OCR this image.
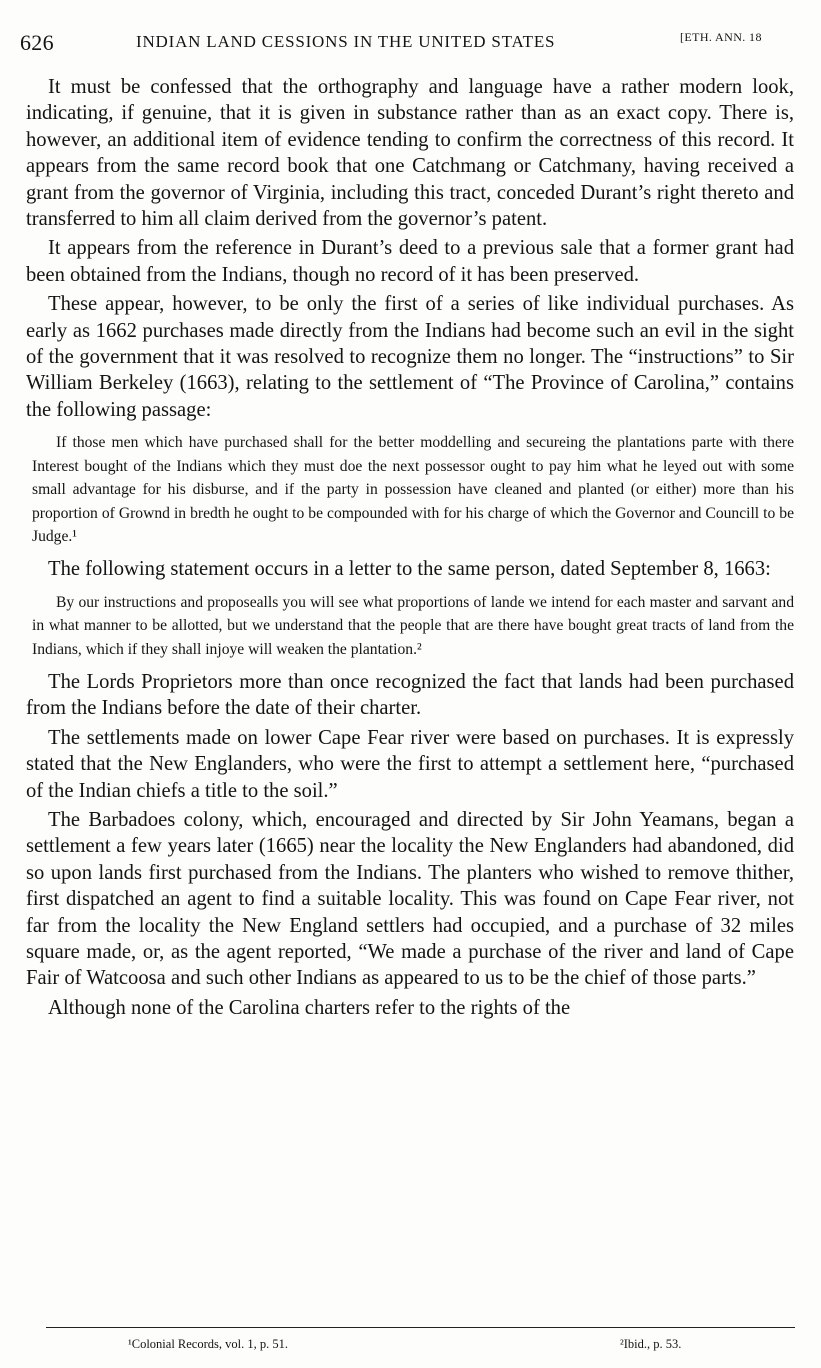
626	INDIAN LAND CESSIONS IN THE UNITED STATES	[ETH. ANN. 18

It must be confessed that the orthography and language have a rather modern look, indicating, if genuine, that it is given in substance rather than as an exact copy. There is, however, an additional item of evidence tending to confirm the correctness of this record. It appears from the same record book that one Catchmang or Catchmany, having received a grant from the governor of Virginia, including this tract, conceded Durant’s right thereto and transferred to him all claim derived from the governor’s patent.

It appears from the reference in Durant’s deed to a previous sale that a former grant had been obtained from the Indians, though no record of it has been preserved.

These appear, however, to be only the first of a series of like individual purchases. As early as 1662 purchases made directly from the Indians had become such an evil in the sight of the government that it was resolved to recognize them no longer. The “instructions” to Sir William Berkeley (1663), relating to the settlement of “The Province of Carolina,” contains the following passage:

If those men which have purchased shall for the better moddelling and secureing the plantations parte with there Interest bought of the Indians which they must doe the next possessor ought to pay him what he leyed out with some small advantage for his disburse, and if the party in possession have cleaned and planted (or either) more than his proportion of Grownd in bredth he ought to be compounded with for his charge of which the Governor and Councill to be Judge.¹

The following statement occurs in a letter to the same person, dated September 8, 1663:

By our instructions and proposealls you will see what proportions of lande we intend for each master and sarvant and in what manner to be allotted, but we understand that the people that are there have bought great tracts of land from the Indians, which if they shall injoye will weaken the plantation.²

The Lords Proprietors more than once recognized the fact that lands had been purchased from the Indians before the date of their charter.

The settlements made on lower Cape Fear river were based on purchases. It is expressly stated that the New Englanders, who were the first to attempt a settlement here, “purchased of the Indian chiefs a title to the soil.”

The Barbadoes colony, which, encouraged and directed by Sir John Yeamans, began a settlement a few years later (1665) near the locality the New Englanders had abandoned, did so upon lands first purchased from the Indians. The planters who wished to remove thither, first dispatched an agent to find a suitable locality. This was found on Cape Fear river, not far from the locality the New England settlers had occupied, and a purchase of 32 miles square made, or, as the agent reported, “We made a purchase of the river and land of Cape Fair of Watcoosa and such other Indians as appeared to us to be the chief of those parts.”

Although none of the Carolina charters refer to the rights of the

¹Colonial Records, vol. 1, p. 51.	²Ibid., p. 53.
